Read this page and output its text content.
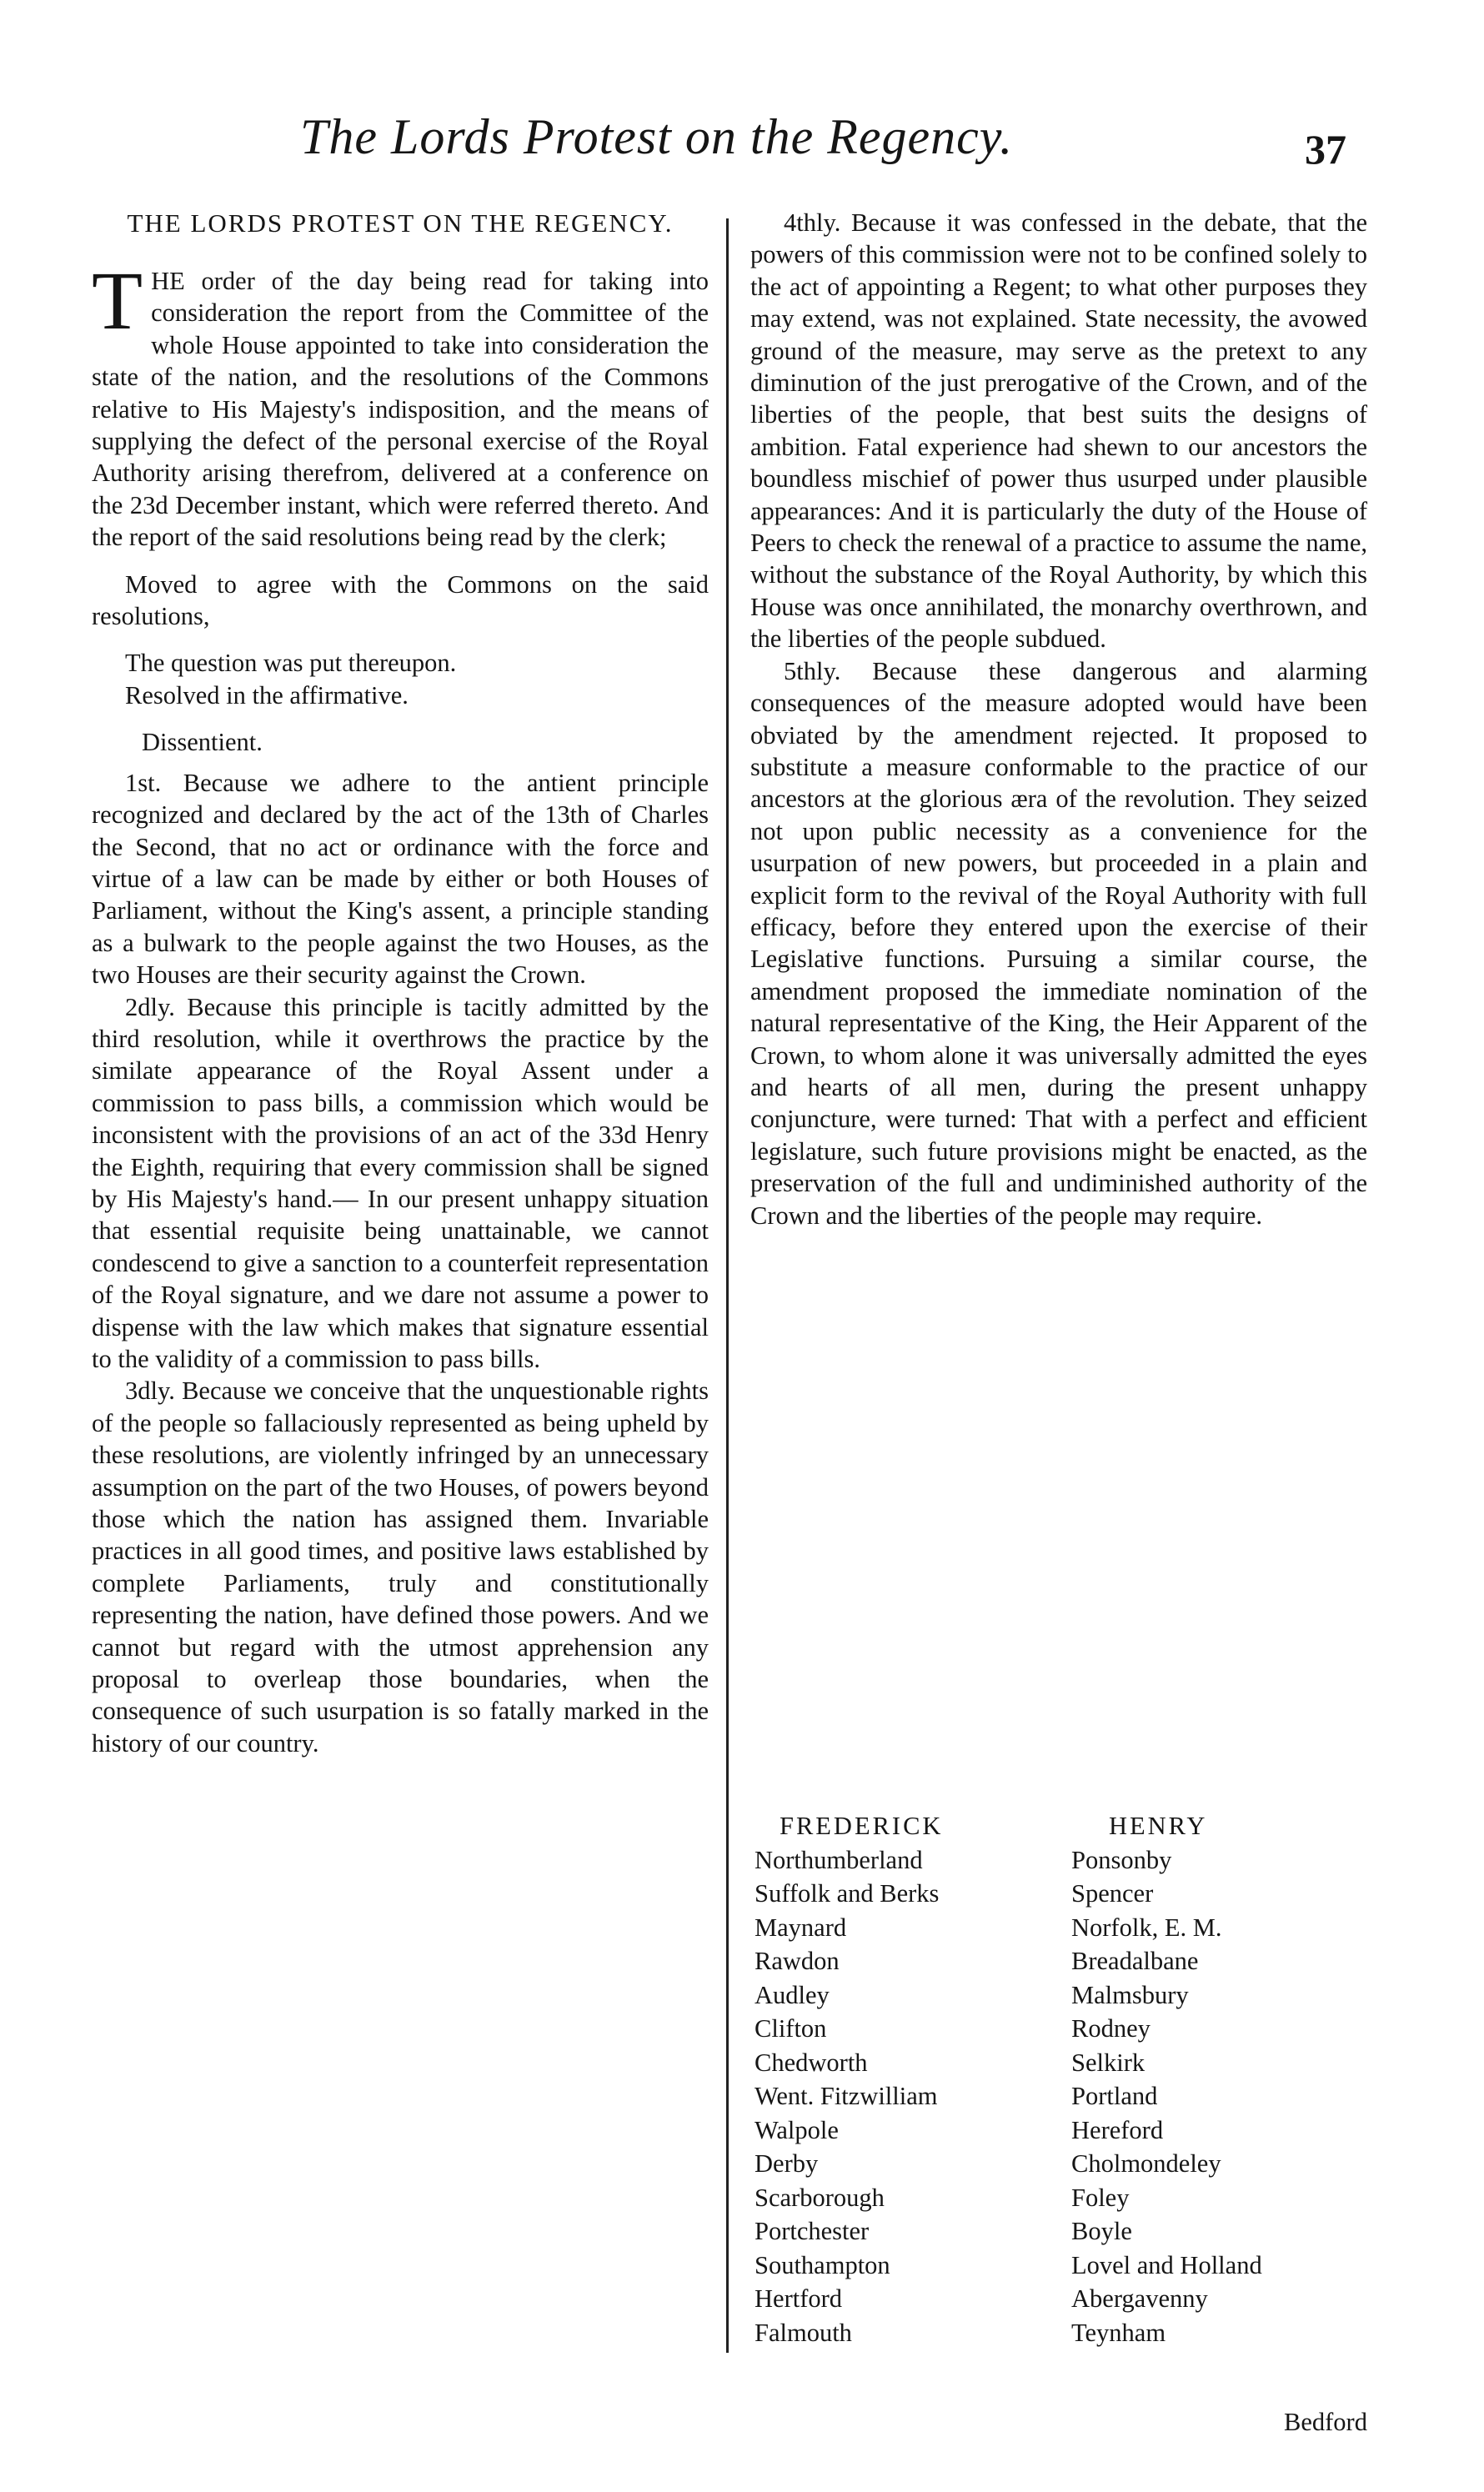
The Lords Protest on the Regency.	37

THE LORDS PROTEST ON THE REGENCY.

THE order of the day being read for taking into consideration the report from the Committee of the whole House appointed to take into consideration the state of the nation, and the resolutions of the Commons relative to His Majesty's indisposition, and the means of supplying the defect of the personal exercise of the Royal Authority arising therefrom, delivered at a conference on the 23d December instant, which were referred thereto. And the report of the said resolutions being read by the clerk;

Moved to agree with the Commons on the said resolutions,

The question was put thereupon.

Resolved in the affirmative.

Dissentient.

1st. Because we adhere to the antient principle recognized and declared by the act of the 13th of Charles the Second, that no act or ordinance with the force and virtue of a law can be made by either or both Houses of Parliament, without the King's assent, a principle standing as a bulwark to the people against the two Houses, as the two Houses are their security against the Crown.

2dly. Because this principle is tacitly admitted by the third resolution, while it overthrows the practice by the similate appearance of the Royal Assent under a commission to pass bills, a commission which would be inconsistent with the provisions of an act of the 33d Henry the Eighth, requiring that every commission shall be signed by His Majesty's hand.— In our present unhappy situation that essential requisite being unattainable, we cannot condescend to give a sanction to a counterfeit representation of the Royal signature, and we dare not assume a power to dispense with the law which makes that signature essential to the validity of a commission to pass bills.

3dly. Because we conceive that the unquestionable rights of the people so fallaciously represented as being upheld by these resolutions, are violently infringed by an unnecessary assumption on the part of the two Houses, of powers beyond those which the nation has assigned them. Invariable practices in all good times, and positive laws established by complete Parliaments, truly and constitutionally representing the nation, have defined those powers. And we cannot but regard with the utmost apprehension any proposal to overleap those boundaries, when the consequence of such usurpation is so fatally marked in the history of our country.

4thly. Because it was confessed in the debate, that the powers of this commission were not to be confined solely to the act of appointing a Regent; to what other purposes they may extend, was not explained. State necessity, the avowed ground of the measure, may serve as the pretext to any diminution of the just prerogative of the Crown, and of the liberties of the people, that best suits the designs of ambition. Fatal experience had shewn to our ancestors the boundless mischief of power thus usurped under plausible appearances: And it is particularly the duty of the House of Peers to check the renewal of a practice to assume the name, without the substance of the Royal Authority, by which this House was once annihilated, the monarchy overthrown, and the liberties of the people subdued.

5thly. Because these dangerous and alarming consequences of the measure adopted would have been obviated by the amendment rejected. It proposed to substitute a measure conformable to the practice of our ancestors at the glorious æra of the revolution. They seized not upon public necessity as a convenience for the usurpation of new powers, but proceeded in a plain and explicit form to the revival of the Royal Authority with full efficacy, before they entered upon the exercise of their Legislative functions. Pursuing a similar course, the amendment proposed the immediate nomination of the natural representative of the King, the Heir Apparent of the Crown, to whom alone it was universally admitted the eyes and hearts of all men, during the present unhappy conjuncture, were turned: That with a perfect and efficient legislature, such future provisions might be enacted, as the preservation of the full and undiminished authority of the Crown and the liberties of the people may require.

FREDERICK
Northumberland
Suffolk and Berks
Maynard
Rawdon
Audley
Clifton
Chedworth
Went. Fitzwilliam
Walpole
Derby
Scarborough
Portchester
Southampton
Hertford
Falmouth
HENRY
Ponsonby
Spencer
Norfolk, E. M.
Breadalbane
Malmsbury
Rodney
Selkirk
Portland
Hereford
Cholmondeley
Foley
Boyle
Lovel and Holland
Abergavenny
Teynham
Bedford
